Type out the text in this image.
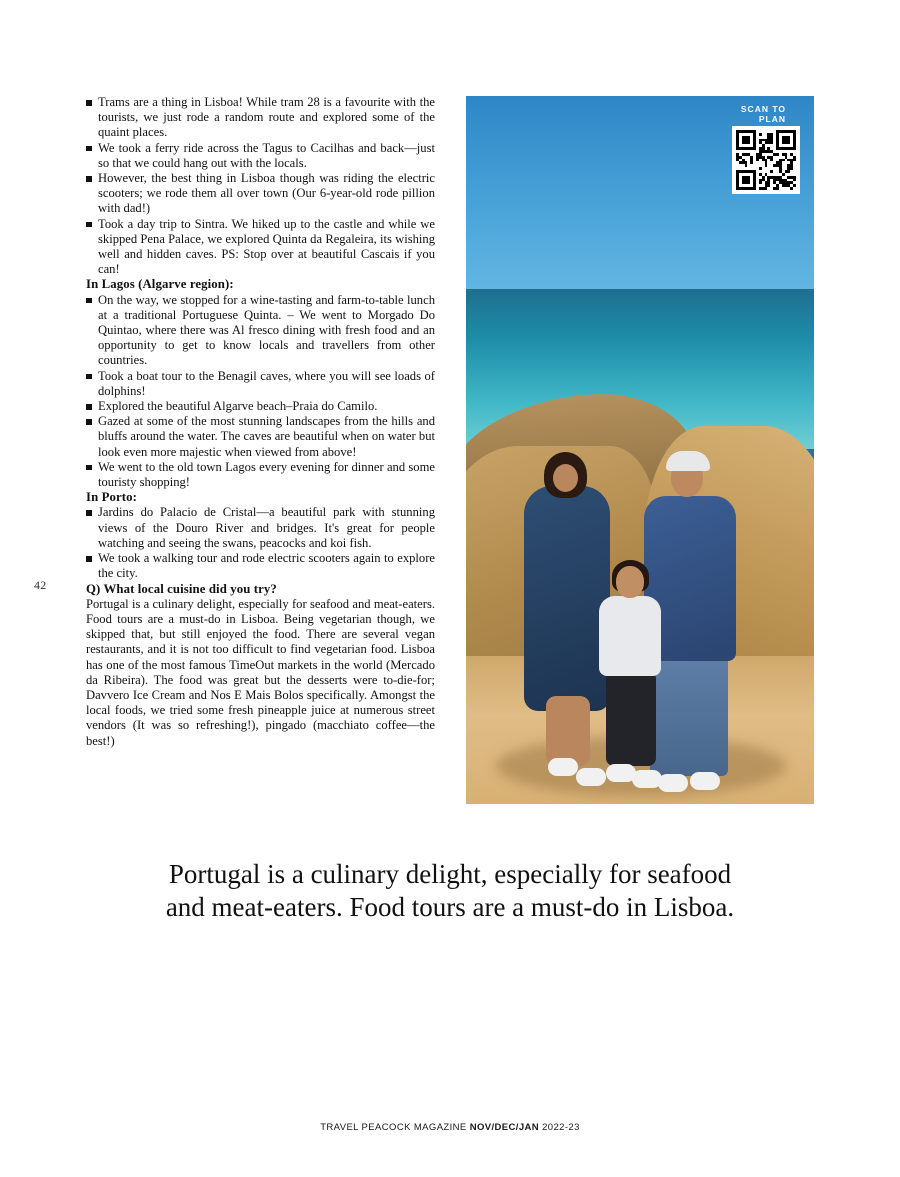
42

Trams are a thing in Lisboa! While tram 28 is a favourite with the tourists, we just rode a random route and explored some of the quaint places.

We took a ferry ride across the Tagus to Cacilhas and back—just so that we could hang out with the locals.

However, the best thing in Lisboa though was riding the electric scooters; we rode them all over town (Our 6-year-old rode pillion with dad!)

Took a day trip to Sintra. We hiked up to the castle and while we skipped Pena Palace, we explored Quinta da Regaleira, its wishing well and hidden caves. PS: Stop over at beautiful Cascais if you can!

In Lagos (Algarve region):

On the way, we stopped for a wine-tasting and farm-to-table lunch at a traditional Portuguese Quinta. – We went to Morgado Do Quintao, where there was Al fresco dining with fresh food and an opportunity to get to know locals and travellers from other countries.

Took a boat tour to the Benagil caves, where you will see loads of dolphins!

Explored the beautiful Algarve beach–Praia do Camilo.

Gazed at some of the most stunning landscapes from the hills and bluffs around the water. The caves are beautiful when on water but look even more majestic when viewed from above!

We went to the old town Lagos every evening for dinner and some touristy shopping!

In Porto:

Jardins do Palacio de Cristal—a beautiful park with stunning views of the Douro River and bridges. It's great for people watching and seeing the swans, peacocks and koi fish.

We took a walking tour and rode electric scooters again to explore the city.

Q) What local cuisine did you try?

Portugal is a culinary delight, especially for seafood and meat-eaters. Food tours are a must-do in Lisboa. Being vegetarian though, we skipped that, but still enjoyed the food. There are several vegan restaurants, and it is not too difficult to find vegetarian food. Lisboa has one of the most famous TimeOut markets in the world (Mercado da Ribeira). The food was great but the desserts were to-die-for; Davvero Ice Cream and Nos E Mais Bolos specifically. Amongst the local foods, we tried some fresh pineapple juice at numerous street vendors (It was so refreshing!), pingado (macchiato coffee—the best!)

SCAN TO
PLAN
Portugal is a culinary delight, especially for seafood and meat-eaters. Food tours are a must-do in Lisboa.
TRAVEL PEACOCK MAGAZINE NOV/DEC/JAN 2022-23
